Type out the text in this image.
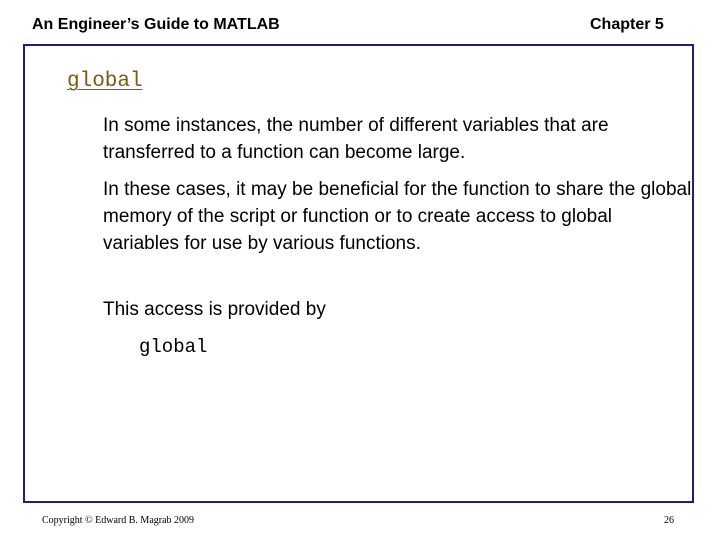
An Engineer’s Guide to MATLAB	Chapter 5
global
In some instances, the number of different variables that are transferred to a function can become large.
In these cases, it may be beneficial for the function to share the global memory of the script or function or to create access to global variables for use by various functions.
This access is provided by
global
Copyright © Edward B. Magrab 2009	26
